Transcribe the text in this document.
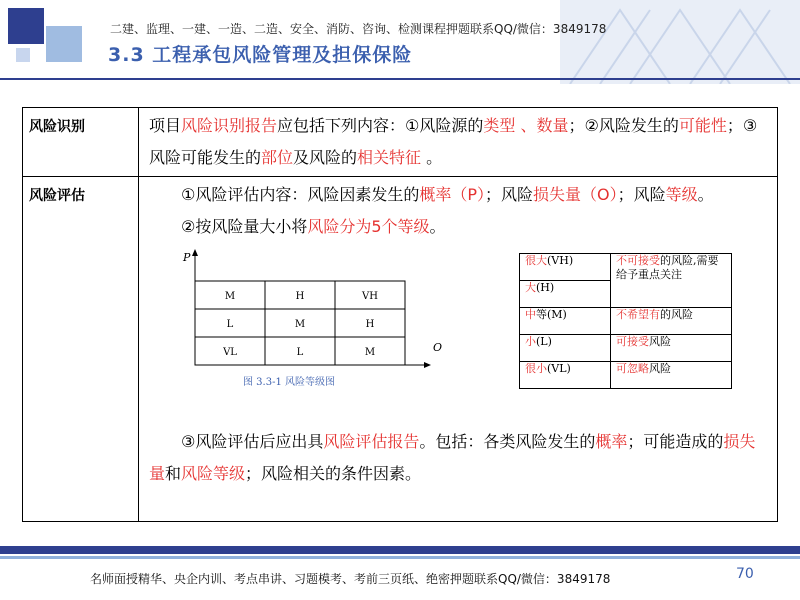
二建、监理、一建、一造、二造、安全、消防、咨询、检测课程押题联系QQ/微信：3849178
3.3 工程承包风险管理及担保保险
风险识别	项目风险识别报告应包括下列内容：①风险源的类型 、数量；②风险发生的可能性；③风险可能发生的部位及风险的相关特征 。
风险评估	①风险评估内容：风险因素发生的概率（P）；风险损失量（O）；风险等级。

②按风险量大小将风险分为5个等级。

P
O
M	H	VH
L	M	H
VL	L	M
图 3.3-1 风险等级图
很大(VH)	不可接受的风险,需要给予重点关注
大(H)
中等(M)	不希望有的风险
小(L)	可接受风险
很小(VL)	可忽略风险

③风险评估后应出具风险评估报告。包括：各类风险发生的概率；可能造成的损失量和风险等级；风险相关的条件因素。

名师面授精华、央企内训、考点串讲、习题模考、考前三页纸、绝密押题联系QQ/微信：3849178	70
